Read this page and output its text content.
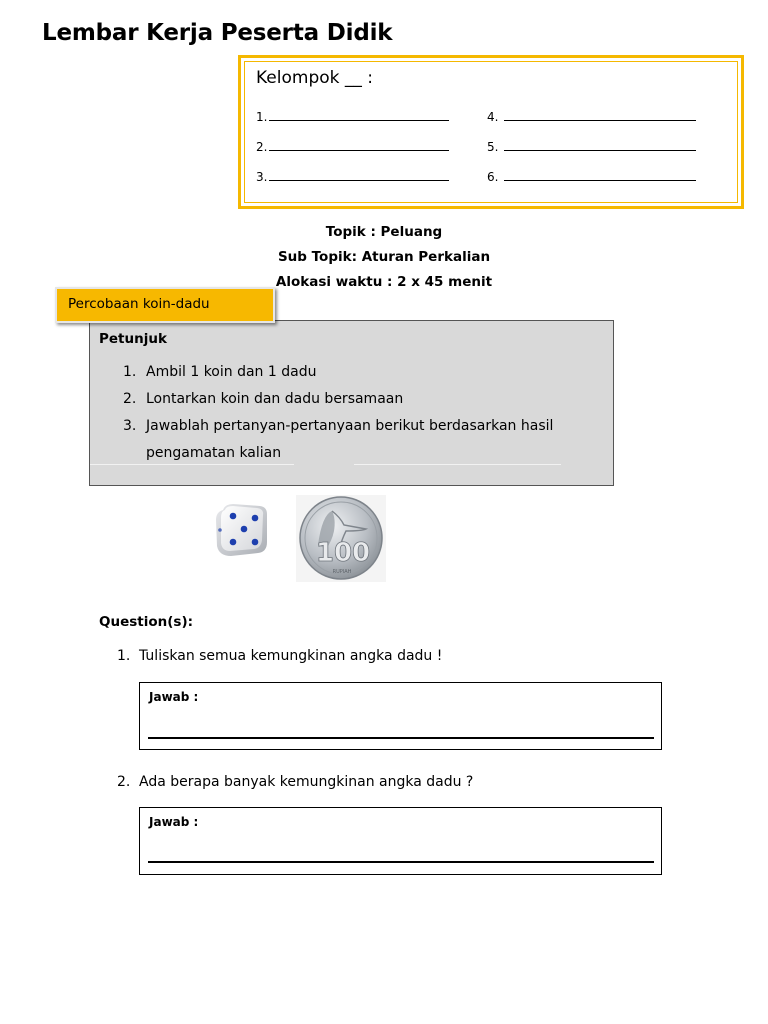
Lembar Kerja Peserta Didik
Kelompok __ :
1.
2.
3.
4.
5.
6.
Topik : Peluang
Sub Topik: Aturan Perkalian
Petunjuk
1. Ambil 1 koin dan 1 dadu
2. Lontarkan koin dan dadu bersamaan
3. Jawablah pertanyan-pertanyaan berikut berdasarkan hasil
pengamatan kalian
Percobaan koin-dadu
Alokasi waktu : 2 x 45 menit
100
RUPIAH
Question(s):
1. Tuliskan semua kemungkinan angka dadu !
Jawab :
2. Ada berapa banyak kemungkinan angka dadu ?
Jawab :
